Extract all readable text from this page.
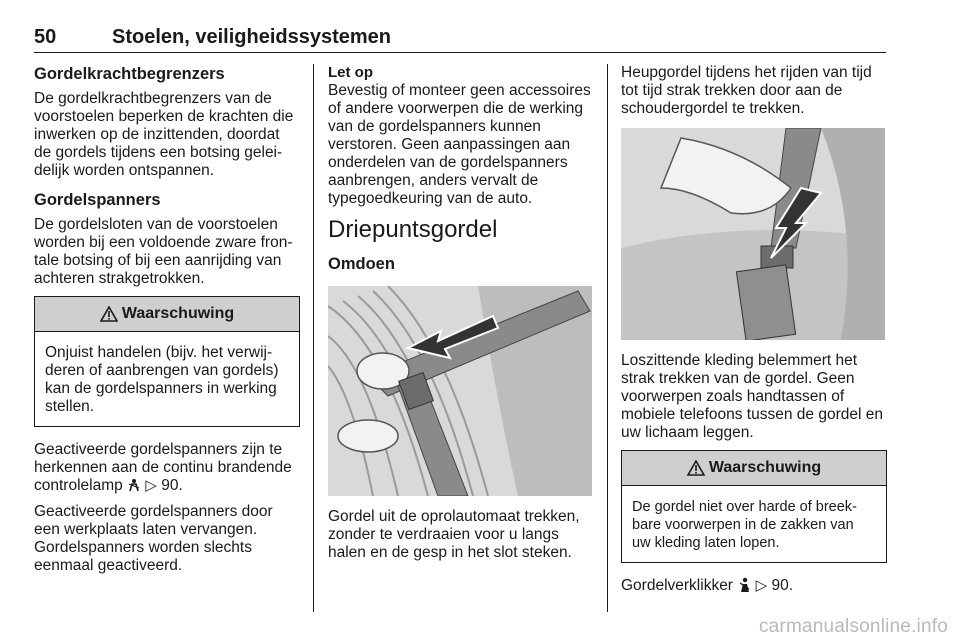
50	Stoelen, veiligheidssystemen
Gordelkrachtbegrenzers

De gordelkrachtbegrenzers van de voorstoelen beperken de krachten die inwerken op de inzittenden, doordat de gordels tijdens een botsing geleidelijk worden ontspannen.

Gordelspanners

De gordelsloten van de voorstoelen worden bij een voldoende zware frontale botsing of bij een aanrijding van achteren strakgetrokken.

Waarschuwing
Onjuist handelen (bijv. het verwijderen of aanbrengen van gordels) kan de gordelspanners in werking stellen.

Geactiveerde gordelspanners zijn te herkennen aan de continu brandende controlelamp ▷ 90.

Geactiveerde gordelspanners door een werkplaats laten vervangen. Gordelspanners worden slechts eenmaal geactiveerd.

Let op

Bevestig of monteer geen accessoires of andere voorwerpen die de werking van de gordelspanners kunnen verstoren. Geen aanpassingen aan onderdelen van de gordelspanners aanbrengen, anders vervalt de typegoedkeuring van de auto.

Driepuntsgordel
Omdoen

Gordel uit de oprolautomaat trekken, zonder te verdraaien voor u langs halen en de gesp in het slot steken.

Heupgordel tijdens het rijden van tijd tot tijd strak trekken door aan de schoudergordel te trekken.

Loszittende kleding belemmert het strak trekken van de gordel. Geen voorwerpen zoals handtassen of mobiele telefoons tussen de gordel en uw lichaam leggen.

Waarschuwing
De gordel niet over harde of breekbare voorwerpen in de zakken van uw kleding laten lopen.

Gordelverklikker ▷ 90.

carmanualsonline.info
